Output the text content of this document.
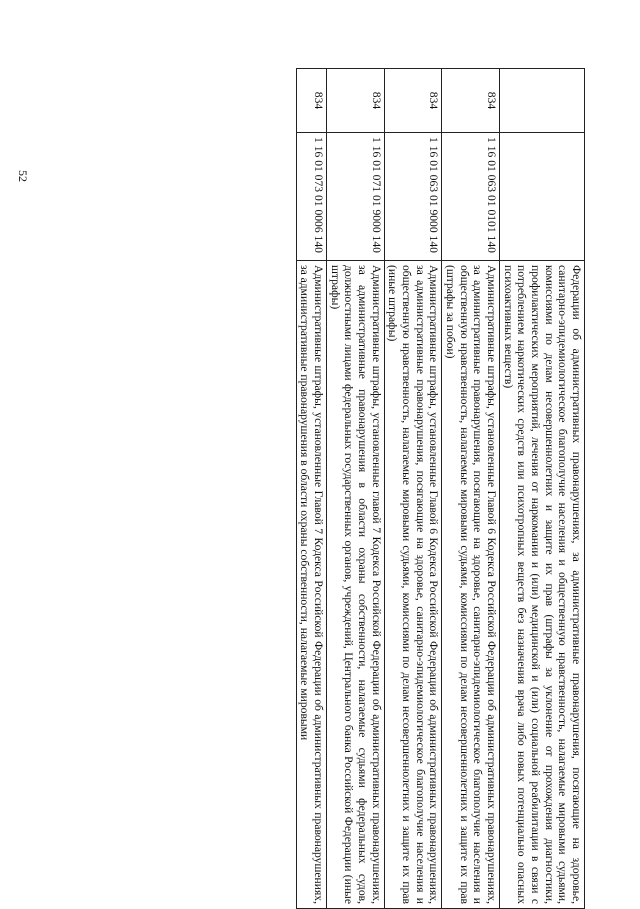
52
		Федерации об административных правонарушениях, за административные правонарушения, посягающие на здоровье, санитарно-эпидемиологическое благополучие населения и общественную нравственность, налагаемые мировыми судьями, комиссиями по делам несовершеннолетних и защите их прав (штрафы за уклонение от прохождения диагностики, профилактических мероприятий, лечения от наркомании и (или) медицинской и (или) социальной реабилитации в связи с потреблением наркотических средств или психотропных веществ без назначения врача либо новых потенциально опасных психоактивных веществ)
834	1 16 01 063 01 0101 140	Административные штрафы, установленные Главой 6 Кодекса Российской Федерации об административных правонарушениях, за административные правонарушения, посягающие на здоровье, санитарно-эпидемиологическое благополучие населения и общественную нравственность, налагаемые мировыми судьями, комиссиями по делам несовершеннолетних и защите их прав (штрафы за побои)
834	1 16 01 063 01 9000 140	Административные штрафы, установленные Главой 6 Кодекса Российской Федерации об административных правонарушениях, за административные правонарушения, посягающие на здоровье, санитарно-эпидемиологическое благополучие населения и общественную нравственность, налагаемые мировыми судьями, комиссиями по делам несовершеннолетних и защите их прав (иные штрафы)
834	1 16 01 071 01 9000 140	Административные штрафы, установленные главой 7 Кодекса Российской Федерации об административных правонарушениях, за административные правонарушения в области охраны собственности, налагаемые судьями федеральных судов, должностными лицами федеральных государственных органов, учреждений, Центрального банка Российской Федерации (иные штрафы)
834	1 16 01 073 01 0006 140	Административные штрафы, установленные Главой 7 Кодекса Российской Федерации об административных правонарушениях, за административные правонарушения в области охраны собственности, налагаемые мировыми
